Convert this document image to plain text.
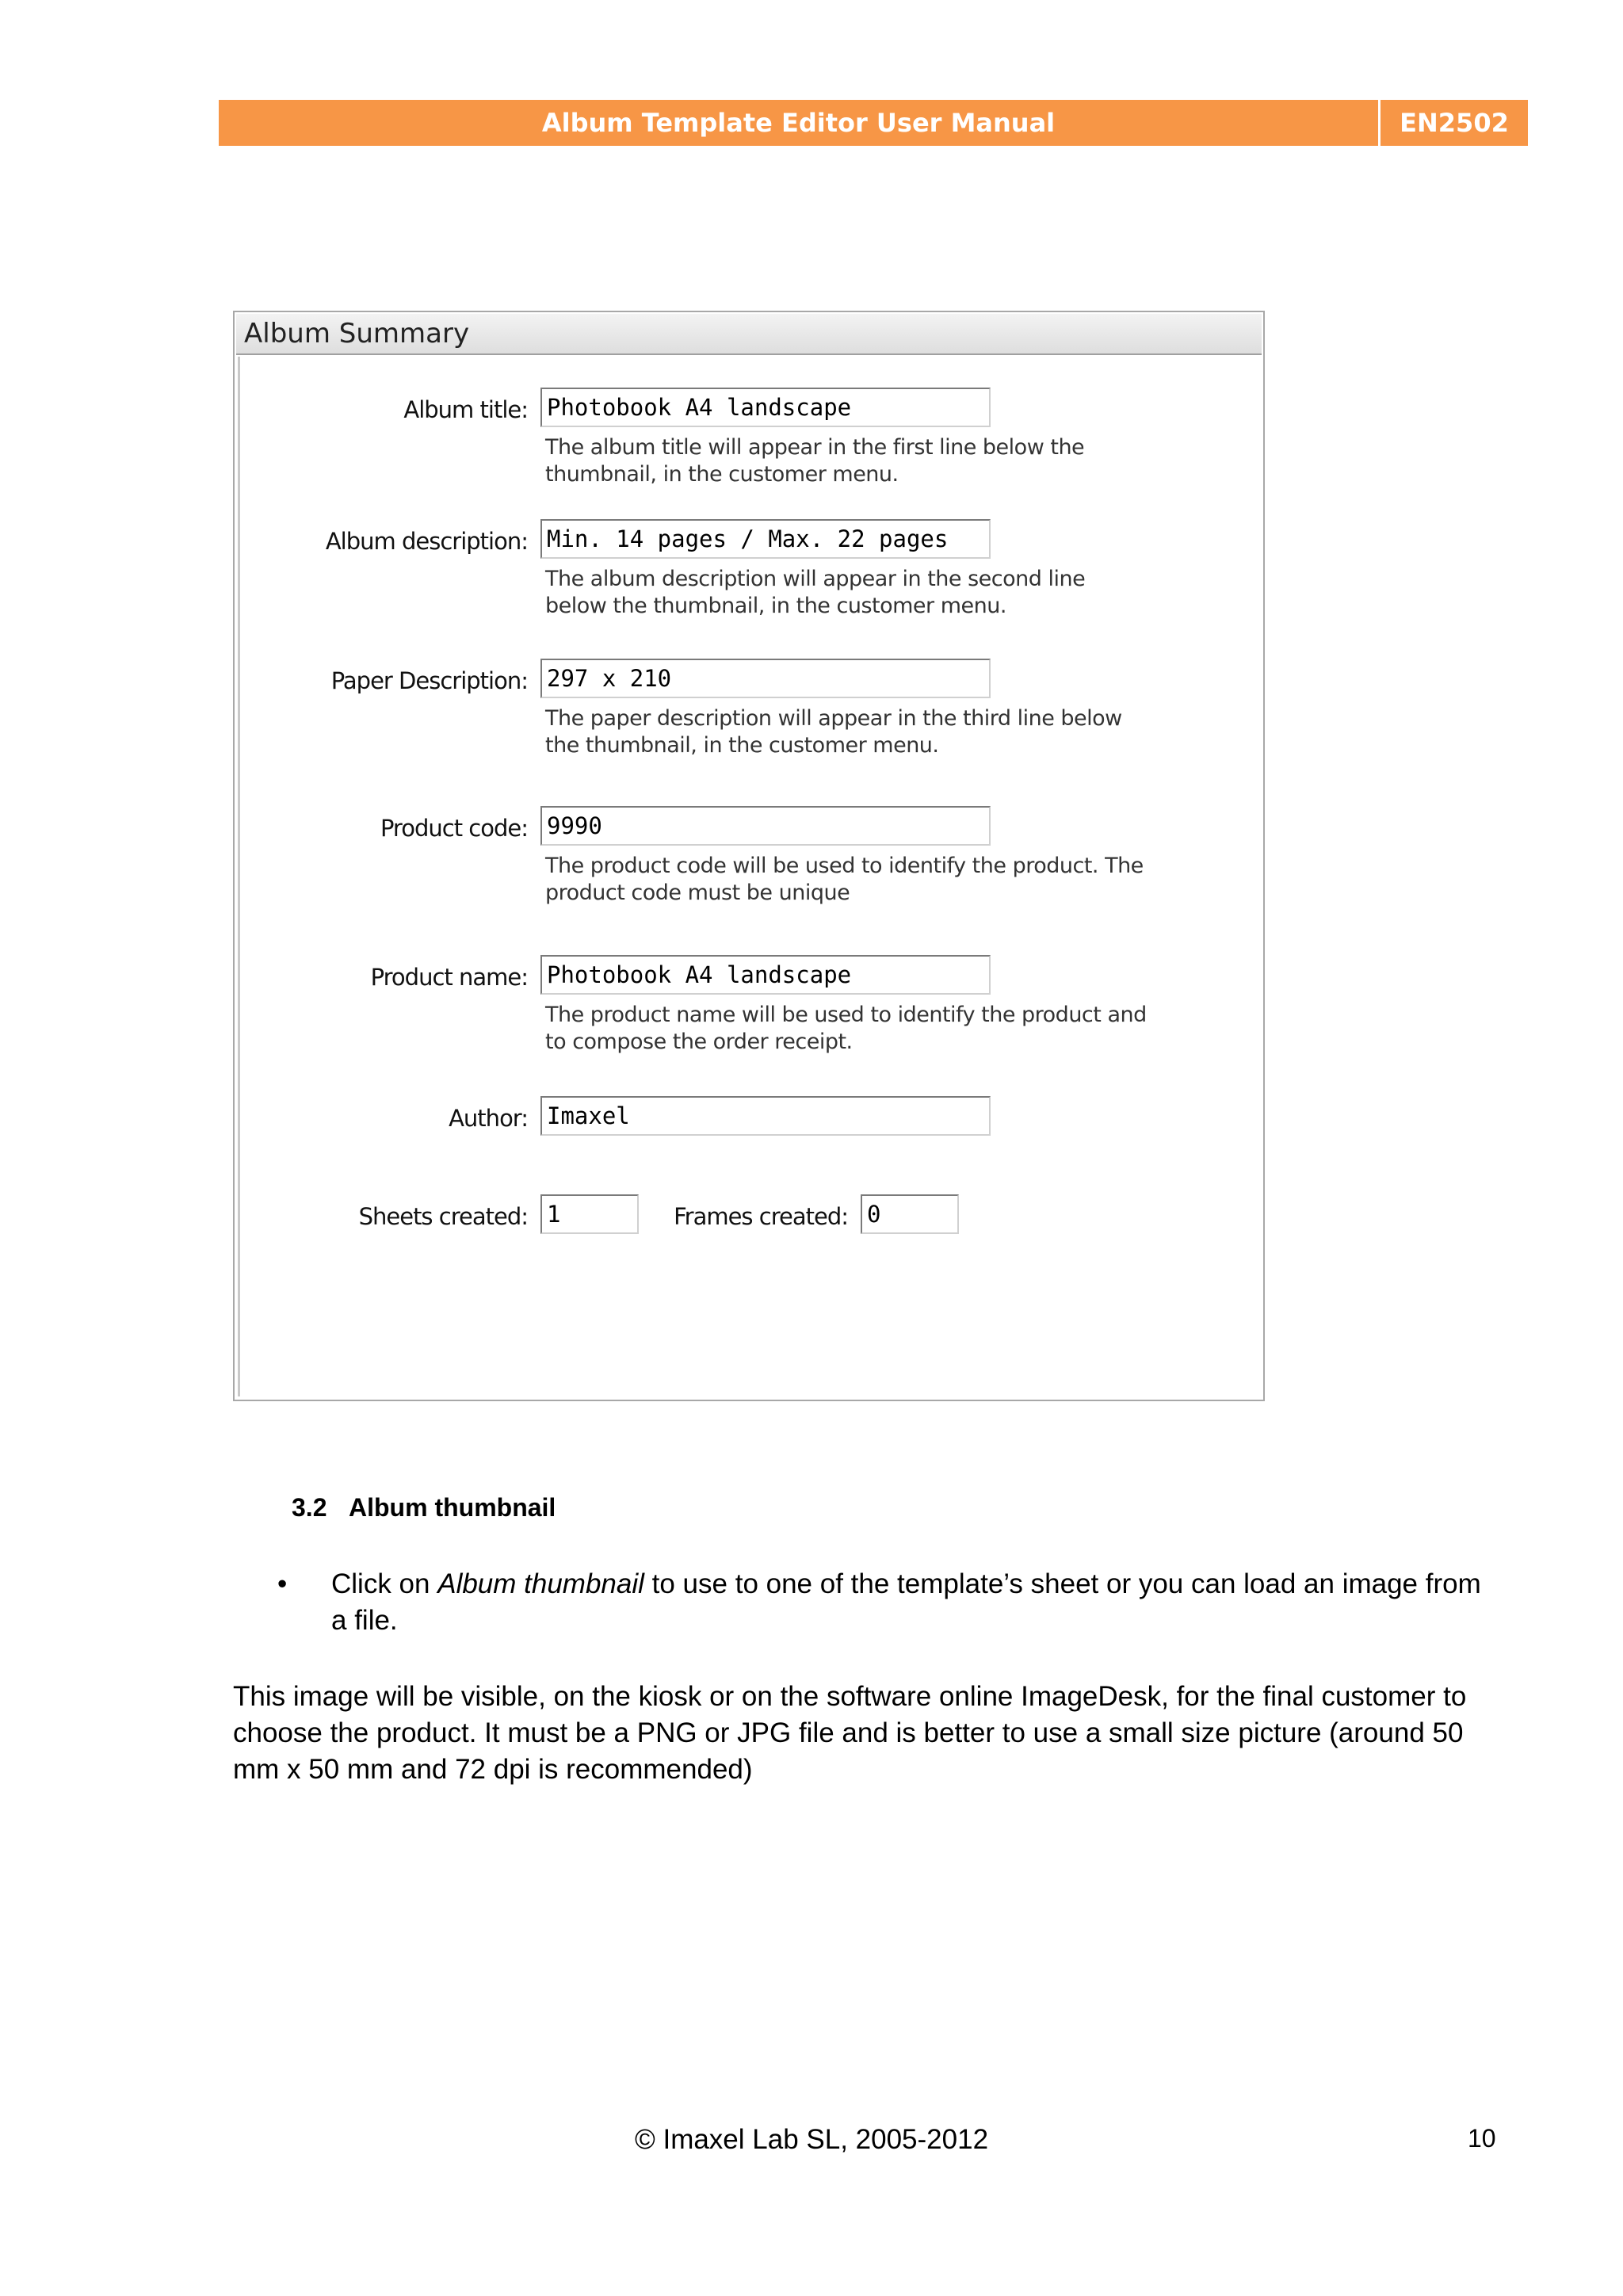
Album Template Editor User Manual	EN2502
Album Summary
Album title: Photobook A4 landscape
The album title will appear in the first line below the thumbnail, in the customer menu.
Album description: Min. 14 pages / Max. 22 pages
The album description will appear in the second line below the thumbnail, in the customer menu.
Paper Description: 297 x 210
The paper description will appear in the third line below the thumbnail, in the customer menu.
Product code: 9990
The product code will be used to identify the product. The product code must be unique
Product name: Photobook A4 landscape
The product name will be used to identify the product and to compose the order receipt.
Author: Imaxel
Sheets created: 1	Frames created: 0
3.2 Album thumbnail
• Click on Album thumbnail to use to one of the template’s sheet or you can load an image from a file.
This image will be visible, on the kiosk or on the software online ImageDesk, for the final customer to choose the product. It must be a PNG or JPG file and is better to use a small size picture (around 50 mm x 50 mm and 72 dpi is recommended)
© Imaxel Lab SL, 2005-2012	10
